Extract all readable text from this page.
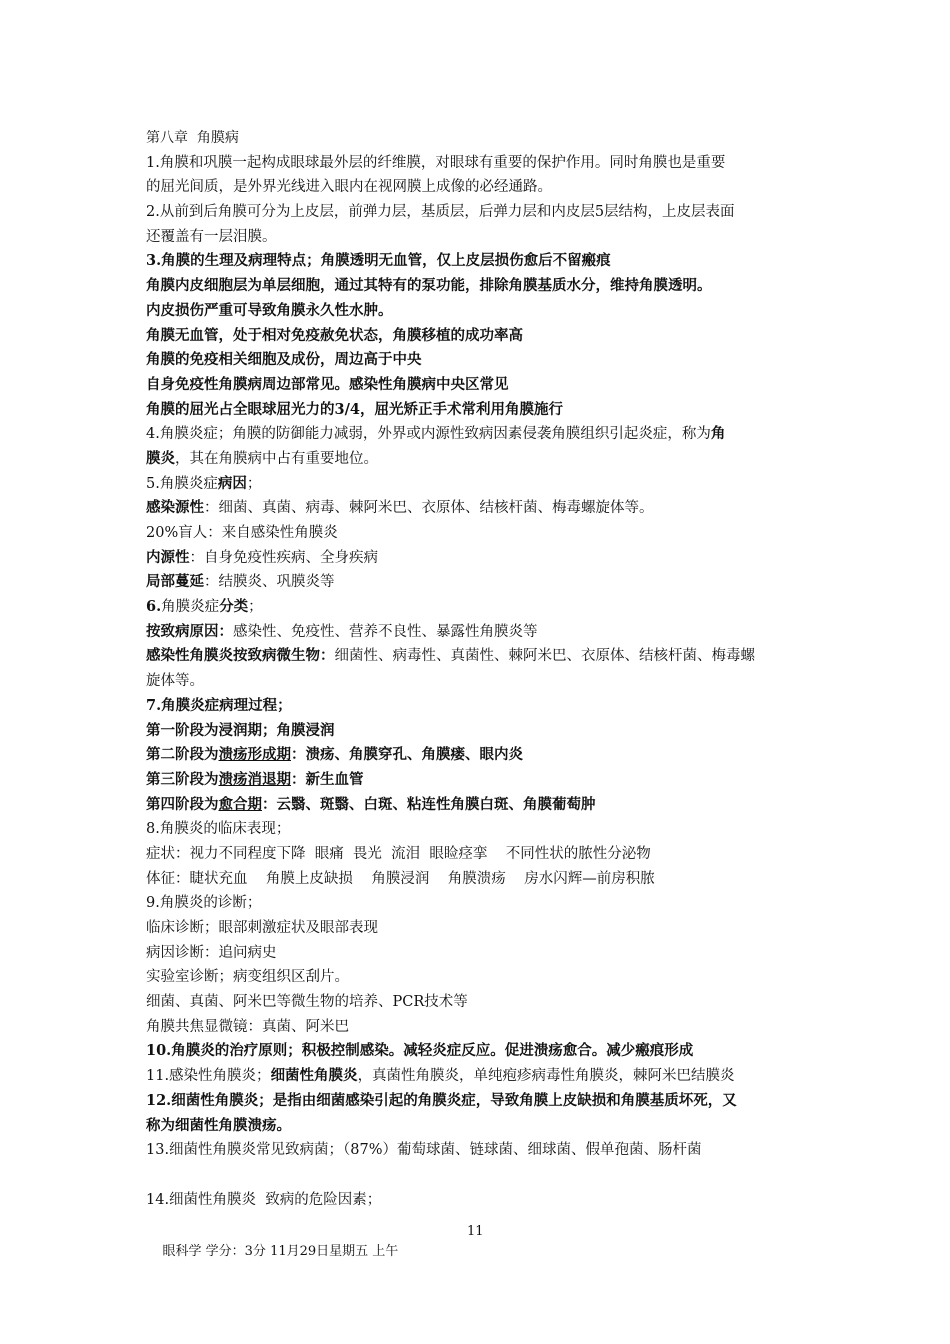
第八章  角膜病
1.角膜和巩膜一起构成眼球最外层的纤维膜，对眼球有重要的保护作用。同时角膜也是重要
的屈光间质，是外界光线进入眼内在视网膜上成像的必经通路。
2.从前到后角膜可分为上皮层，前弹力层，基质层，后弹力层和内皮层5层结构，上皮层表面
还覆盖有一层泪膜。
3.角膜的生理及病理特点；角膜透明无血管，仅上皮层损伤愈后不留瘢痕
角膜内皮细胞层为单层细胞，通过其特有的泵功能，排除角膜基质水分，维持角膜透明。
内皮损伤严重可导致角膜永久性水肿。
角膜无血管，处于相对免疫赦免状态，角膜移植的成功率高
角膜的免疫相关细胞及成份，周边高于中央
自身免疫性角膜病周边部常见。感染性角膜病中央区常见
角膜的屈光占全眼球屈光力的3/4，屈光矫正手术常利用角膜施行
4.角膜炎症；角膜的防御能力减弱，外界或内源性致病因素侵袭角膜组织引起炎症，称为角
膜炎，其在角膜病中占有重要地位。
5.角膜炎症病因；
感染源性：细菌、真菌、病毒、棘阿米巴、衣原体、结核杆菌、梅毒螺旋体等。
20%盲人：来自感染性角膜炎
内源性：自身免疫性疾病、全身疾病
局部蔓延：结膜炎、巩膜炎等
6.角膜炎症分类；
按致病原因：感染性、免疫性、营养不良性、暴露性角膜炎等
感染性角膜炎按致病微生物：细菌性、病毒性、真菌性、棘阿米巴、衣原体、结核杆菌、梅毒螺
旋体等。
7.角膜炎症病理过程；
第一阶段为浸润期；角膜浸润
第二阶段为溃疡形成期：溃疡、角膜穿孔、角膜瘘、眼内炎
第三阶段为溃疡消退期：新生血管
第四阶段为愈合期：云翳、斑翳、白斑、粘连性角膜白斑、角膜葡萄肿
8.角膜炎的临床表现；
症状：视力不同程度下降  眼痛  畏光  流泪  眼睑痉挛    不同性状的脓性分泌物
体征：睫状充血    角膜上皮缺损    角膜浸润    角膜溃疡    房水闪辉—前房积脓
9.角膜炎的诊断；
临床诊断；眼部刺激症状及眼部表现
病因诊断：追问病史
实验室诊断；病变组织区刮片。
细菌、真菌、阿米巴等微生物的培养、PCR技术等
角膜共焦显微镜：真菌、阿米巴
10.角膜炎的治疗原则；积极控制感染。减轻炎症反应。促进溃疡愈合。减少瘢痕形成
11.感染性角膜炎；细菌性角膜炎，真菌性角膜炎，单纯疱疹病毒性角膜炎，棘阿米巴结膜炎
12.细菌性角膜炎；是指由细菌感染引起的角膜炎症，导致角膜上皮缺损和角膜基质坏死，又
称为细菌性角膜溃疡。
13.细菌性角膜炎常见致病菌；（87%）葡萄球菌、链球菌、细球菌、假单孢菌、肠杆菌
14.细菌性角膜炎  致病的危险因素；

眼科学 学分：3分 11月29日星期五 上午

11
